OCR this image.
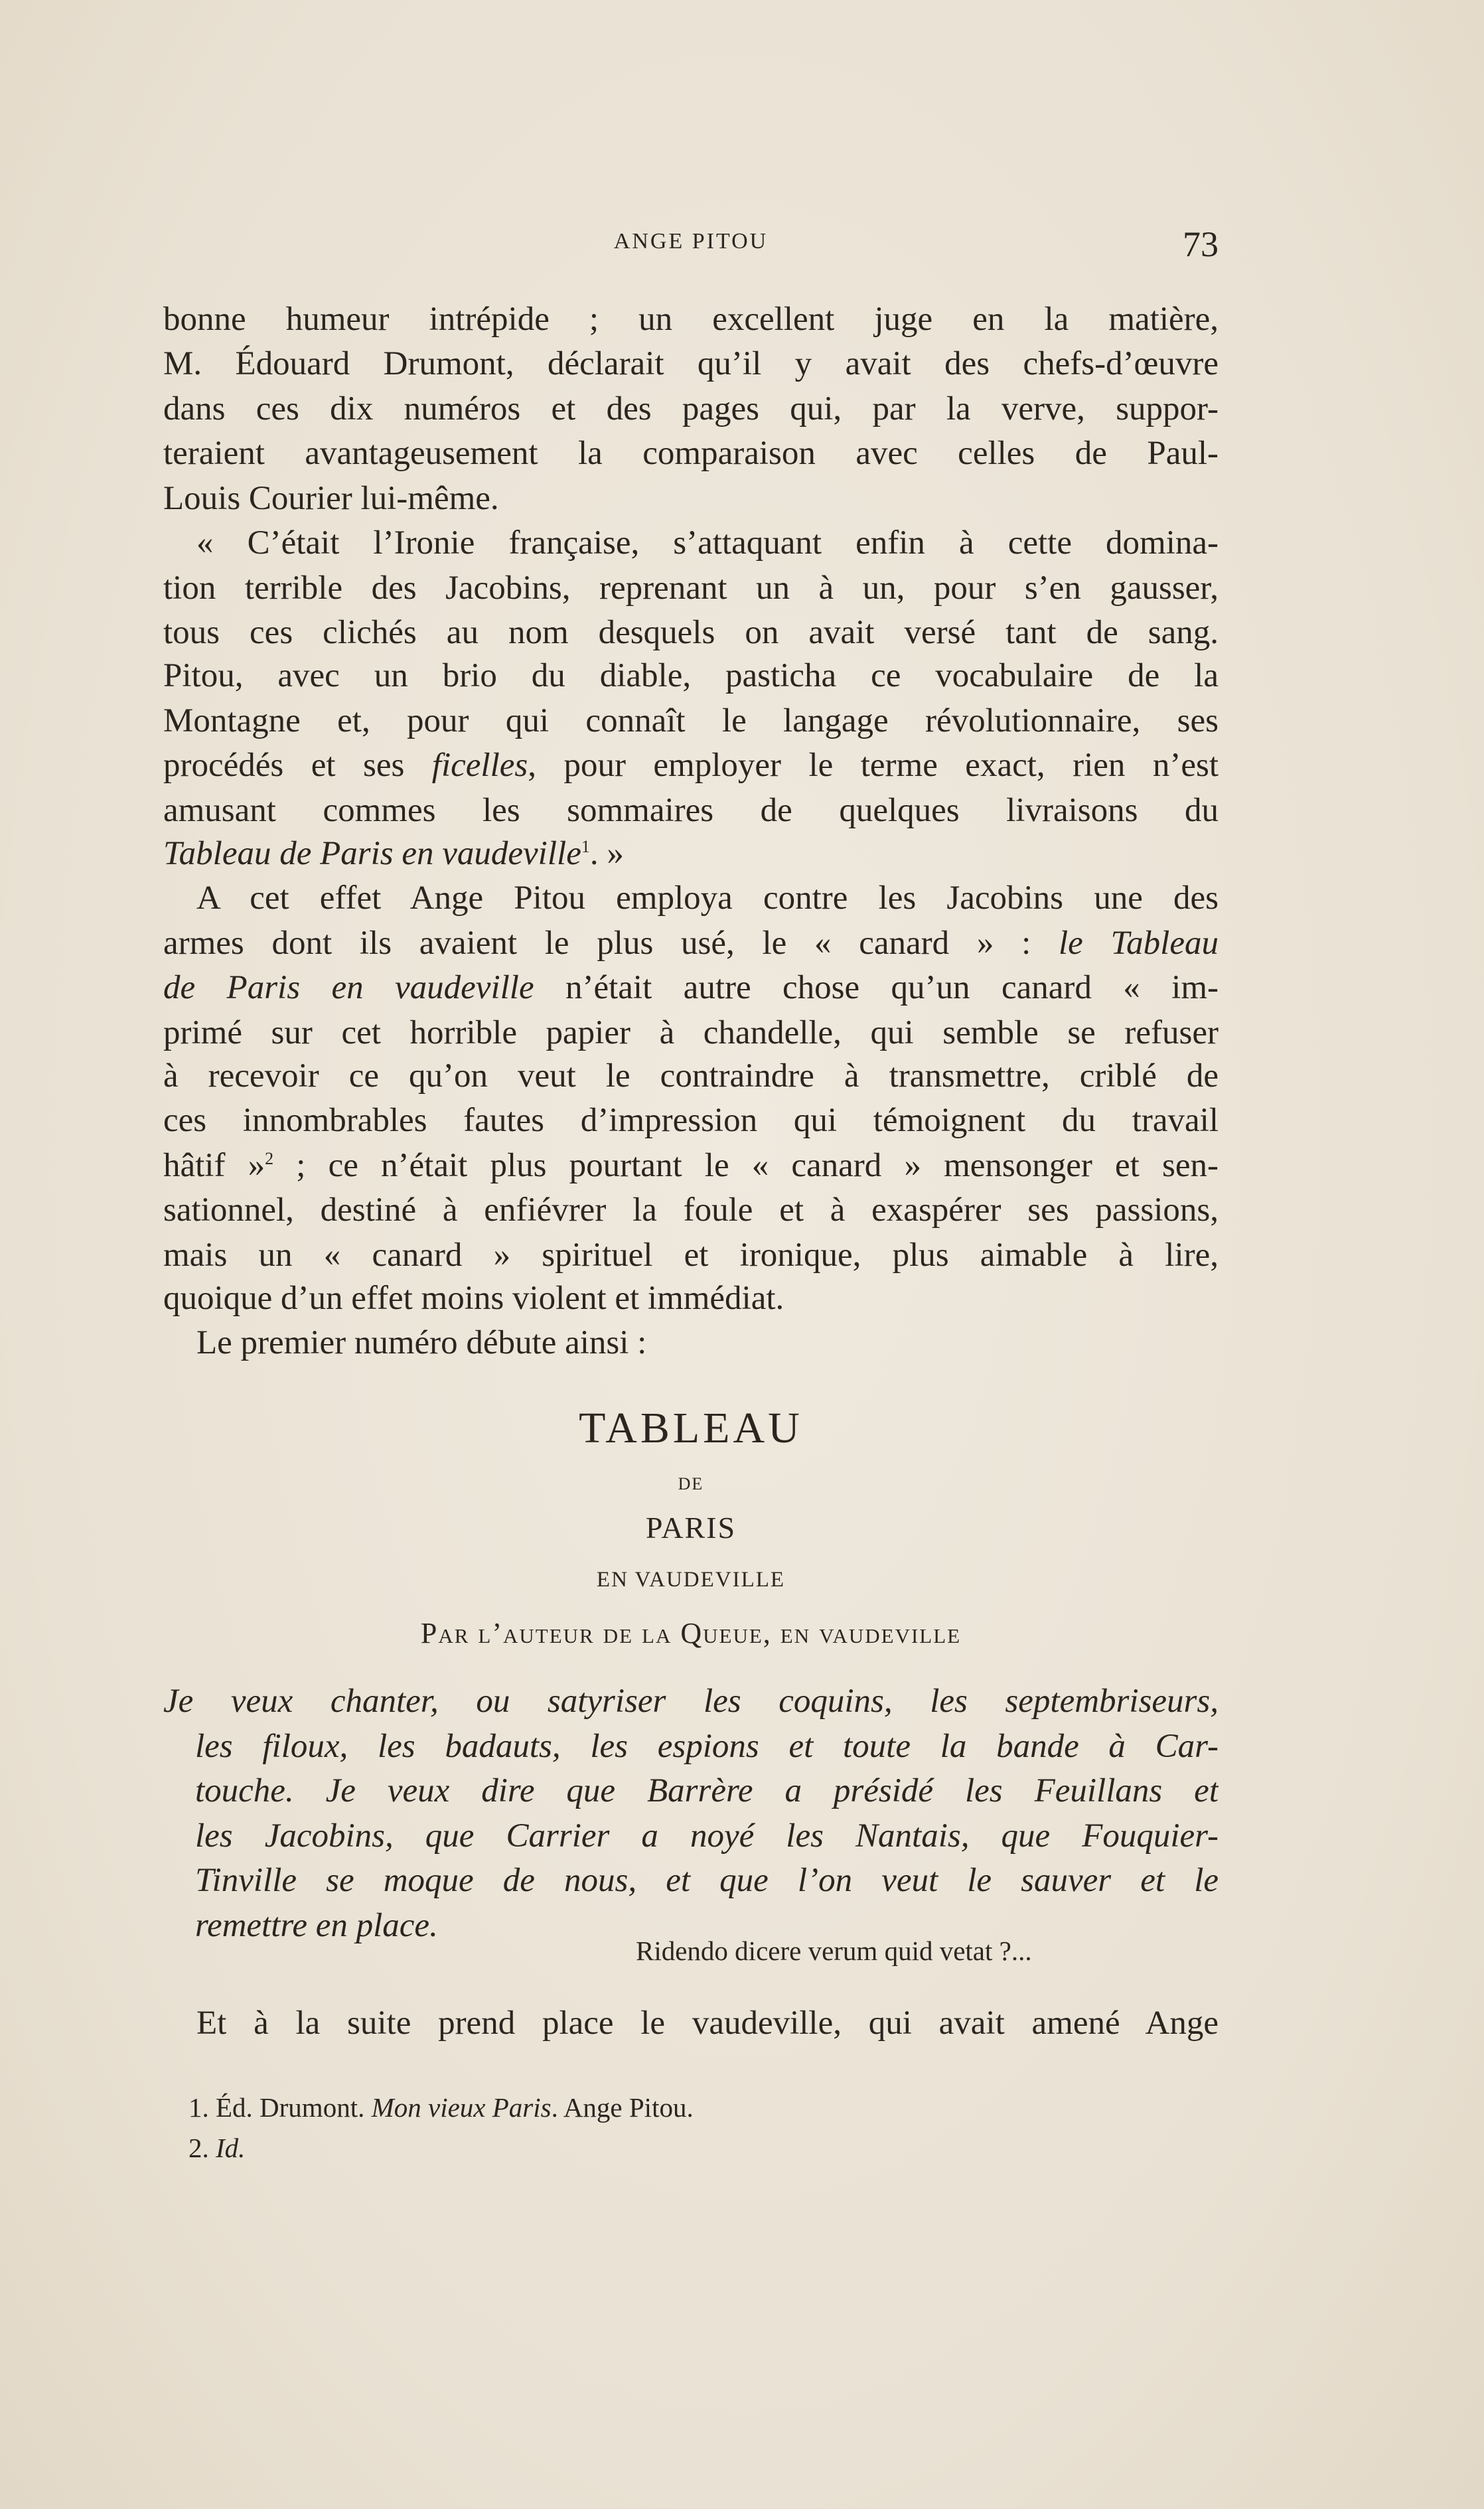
ANGE PITOU	73
bonne humeur intrépide ; un excellent juge en la matière,
M. Édouard Drumont, déclarait qu’il y avait des chefs-d’œuvre
dans ces dix numéros et des pages qui, par la verve, suppor-
teraient avantageusement la comparaison avec celles de Paul-
Louis Courier lui-même.
« C’était l’Ironie française, s’attaquant enfin à cette domina-
tion terrible des Jacobins, reprenant un à un, pour s’en gausser,
tous ces clichés au nom desquels on avait versé tant de sang.
Pitou, avec un brio du diable, pasticha ce vocabulaire de la
Montagne et, pour qui connaît le langage révolutionnaire, ses
procédés et ses ficelles, pour employer le terme exact, rien n’est
amusant commes les sommaires de quelques livraisons du
Tableau de Paris en vaudeville$^1$. »
A cet effet Ange Pitou employa contre les Jacobins une des
armes dont ils avaient le plus usé, le « canard » : le Tableau
de Paris en vaudeville n’était autre chose qu’un canard « im-
primé sur cet horrible papier à chandelle, qui semble se refuser
à recevoir ce qu’on veut le contraindre à transmettre, criblé de
ces innombrables fautes d’impression qui témoignent du travail
hâtif »$^2$ ; ce n’était plus pourtant le « canard » mensonger et sen-
sationnel, destiné à enfiévrer la foule et à exaspérer ses passions,
mais un « canard » spirituel et ironique, plus aimable à lire,
quoique d’un effet moins violent et immédiat.
Le premier numéro débute ainsi :
TABLEAU
DE
PARIS
EN VAUDEVILLE
Par l’auteur de la Queue, en vaudeville
Je veux chanter, ou satyriser les coquins, les septembriseurs,
les filoux, les badauts, les espions et toute la bande à Car-
touche. Je veux dire que Barrère a présidé les Feuillans et
les Jacobins, que Carrier a noyé les Nantais, que Fouquier-
Tinville se moque de nous, et que l’on veut le sauver et le
remettre en place.
Ridendo dicere verum quid vetat ?...
Et à la suite prend place le vaudeville, qui avait amené Ange
1. Éd. Drumont. Mon vieux Paris. Ange Pitou.
2. Id.
